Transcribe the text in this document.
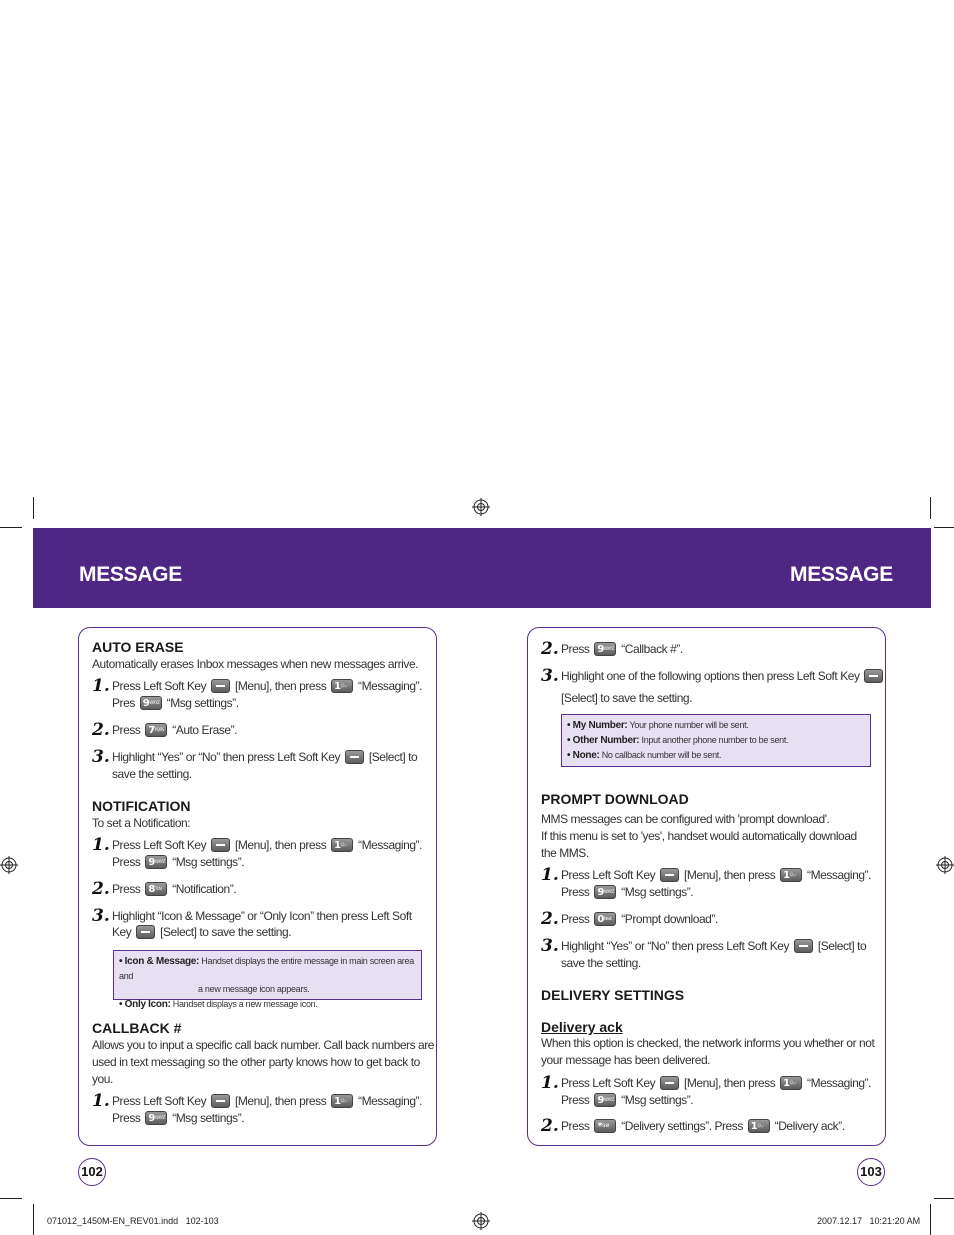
MESSAGE	MESSAGE
AUTO ERASE
Automatically erases Inbox messages when new messages arrive.
1. Press Left Soft Key [Menu], then press 1☺.,- “Messaging”.
Pres 9WXYZ “Msg settings”.
2. Press 7PQRS “Auto Erase”.
3. Highlight “Yes” or “No” then press Left Soft Key [Select] to
save the setting.
NOTIFICATION
To set a Notification:
1. Press Left Soft Key [Menu], then press 1☺.,- “Messaging”.
Press 9WXYZ “Msg settings”.
2. Press 8TUV “Notification”.
3. Highlight “Icon & Message” or “Only Icon” then press Left Soft
Key [Select] to save the setting.
• Icon & Message: Handset displays the entire message in main screen area and
a new message icon appears.
• Only Icon: Handset displays a new message icon.
CALLBACK #
Allows you to input a specific call back number. Call back numbers are
used in text messaging so the other party knows how to get back to
you.
1. Press Left Soft Key [Menu], then press 1☺.,- “Messaging”.
Press 9WXYZ “Msg settings”.
102
2. Press 9WXYZ “Callback #”.
3. Highlight one of the following options then press Left Soft Key
[Select] to save the setting.
• My Number: Your phone number will be sent.
• Other Number: Input another phone number to be sent.
• None: No callback number will be sent.
PROMPT DOWNLOAD
MMS messages can be configured with 'prompt download'.
If this menu is set to 'yes', handset would automatically download
the MMS.
1. Press Left Soft Key [Menu], then press 1☺.,- “Messaging”.
Press 9WXYZ “Msg settings”.
2. Press 0Next “Prompt download”.
3. Highlight “Yes” or “No” then press Left Soft Key [Select] to
save the setting.
DELIVERY SETTINGS
Delivery ack
When this option is checked, the network informs you whether or not
your message has been delivered.
1. Press Left Soft Key [Menu], then press 1☺.,- “Messaging”.
Press 9WXYZ “Msg settings”.
2. Press *Shift “Delivery settings”. Press 1☺.,- “Delivery ack”.
103
071012_1450M-EN_REV01.indd   102-103	2007.12.17   10:21:20 AM
